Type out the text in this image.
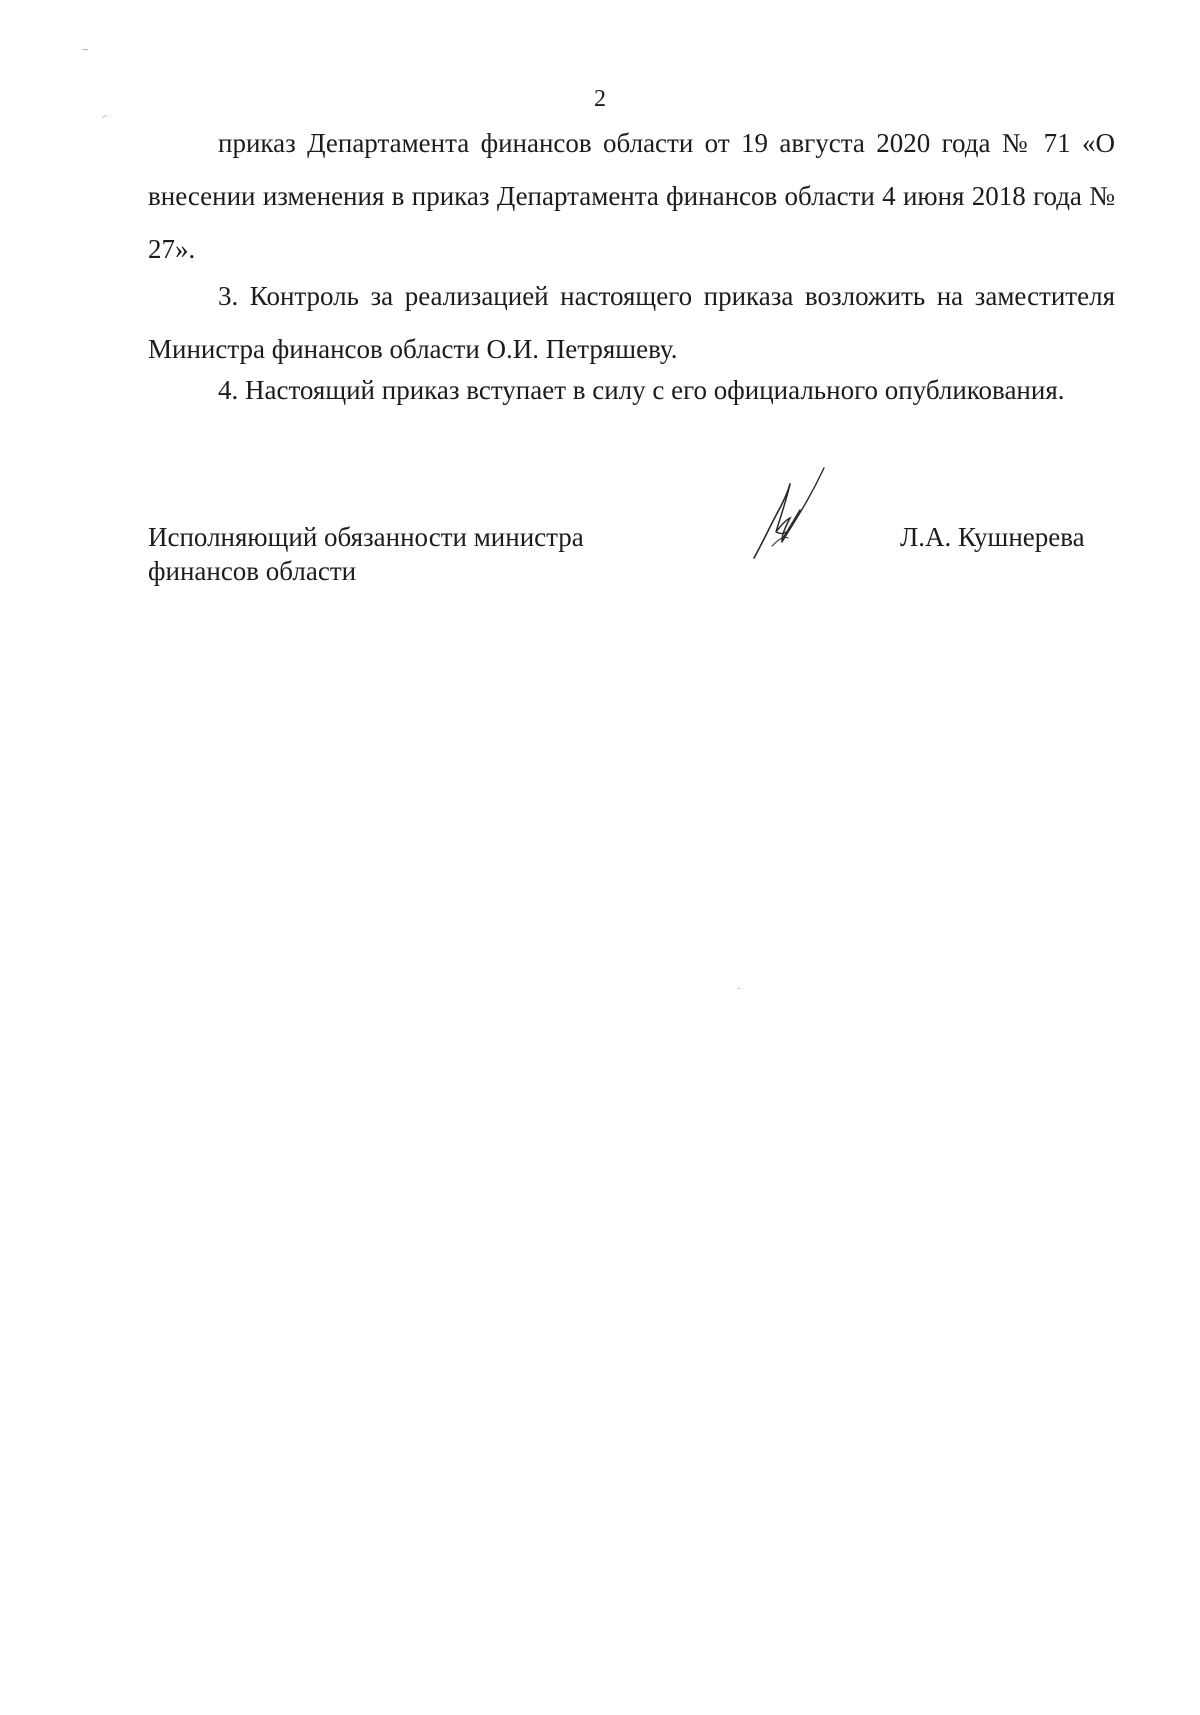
2

приказ Департамента финансов области от 19 августа 2020 года № 71 «О внесении изменения в приказ Департамента финансов области 4 июня 2018 года № 27».

3. Контроль за реализацией настоящего приказа возложить на заместителя Министра финансов области О.И. Петряшеву.

4. Настоящий приказ вступает в силу с его официального опубликования.

Исполняющий обязанности министра
финансов области
Л.А. Кушнерева
